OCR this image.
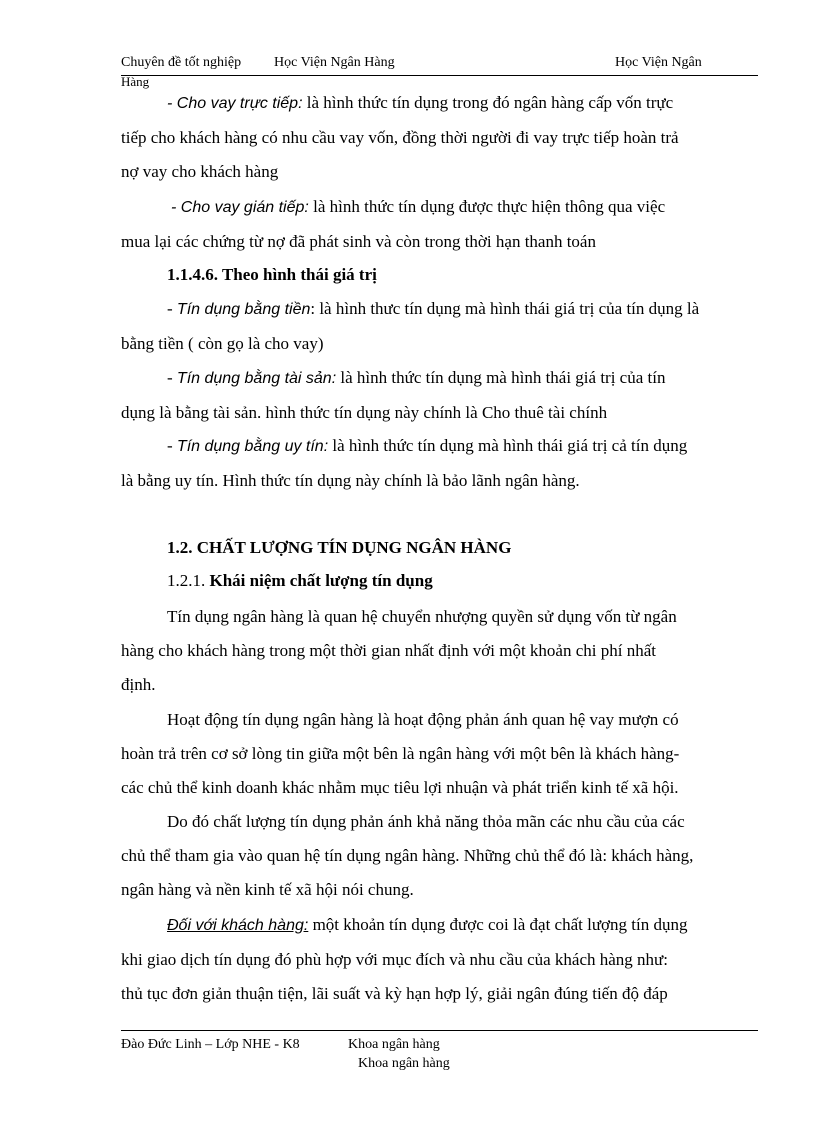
Chuyên đề tốt nghiệp Học Viện Ngân Hàng	Học Viện Ngân
Hàng
- Cho vay trực tiếp: là hình thức tín dụng trong đó ngân hàng cấp vốn trực
tiếp cho khách hàng có nhu cầu vay vốn, đồng thời người đi vay trực tiếp hoàn trả
nợ vay cho khách hàng
- Cho vay gián tiếp: là hình thức tín dụng được thực hiện thông qua việc
mua lại các chứng từ nợ đã phát sinh và còn trong thời hạn thanh toán
1.1.4.6. Theo hình thái giá trị
- Tín dụng bằng tiền: là hình thưc tín dụng mà hình thái giá trị của tín dụng là
bằng tiền ( còn gọ là cho vay)
- Tín dụng bằng tài sản: là hình thức tín dụng mà hình thái giá trị của tín
dụng là bằng tài sản. hình thức tín dụng này chính là Cho thuê tài chính
- Tín dụng bằng uy tín: là hình thức tín dụng mà hình thái giá trị cả tín dụng
là bằng uy tín. Hình thức tín dụng này chính là bảo lãnh ngân hàng.
1.2. CHẤT LƯỢNG TÍN DỤNG NGÂN HÀNG
1.2.1. Khái niệm chất lượng tín dụng
Tín dụng ngân hàng là quan hệ chuyển nhượng quyền sử dụng vốn từ ngân
hàng cho khách hàng trong một thời gian nhất định với một khoản chi phí nhất
định.
Hoạt động tín dụng ngân hàng là hoạt động phản ánh quan hệ vay mượn có
hoàn trả trên cơ sở lòng tin giữa một bên là ngân hàng với một bên là khách hàng-
các chủ thể kinh doanh khác nhằm mục tiêu lợi nhuận và phát triển kinh tế xã hội.
Do đó chất lượng tín dụng phản ánh khả năng thỏa mãn các nhu cầu của các
chủ thể tham gia vào quan hệ tín dụng ngân hàng. Những chủ thể đó là: khách hàng,
ngân hàng và nền kinh tế xã hội nói chung.
Đối với khách hàng: một khoản tín dụng được coi là đạt chất lượng tín dụng
khi giao dịch tín dụng đó phù hợp với mục đích và nhu cầu của khách hàng như:
thủ tục đơn giản thuận tiện, lãi suất và kỳ hạn hợp lý, giải ngân đúng tiến độ đáp
Đào Đức Linh – Lớp NHE - K8	Khoa ngân hàng
Khoa ngân hàng
